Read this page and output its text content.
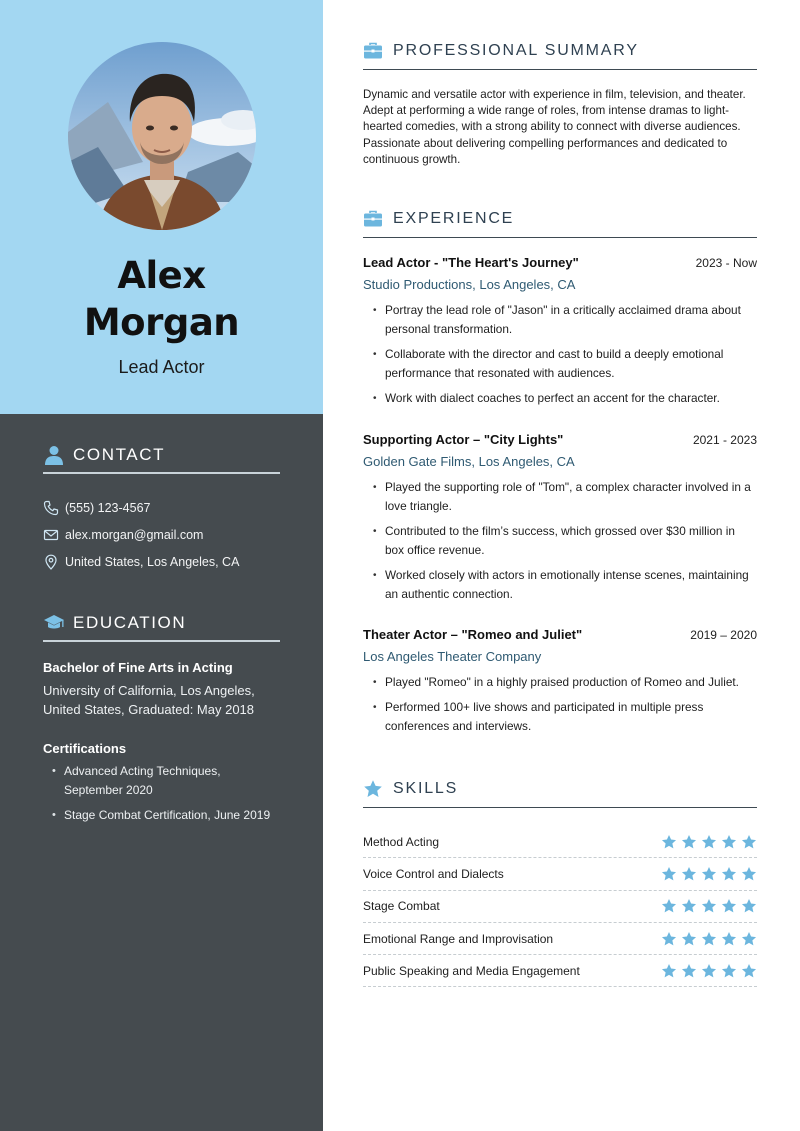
Alex
Morgan
Lead Actor
CONTACT
(555) 123-4567
alex.morgan@gmail.com
United States, Los Angeles, CA
EDUCATION
Bachelor of Fine Arts in Acting
University of California, Los Angeles,
United States, Graduated: May 2018
Certifications
• Advanced Acting Techniques, September 2020
• Stage Combat Certification, June 2019
PROFESSIONAL SUMMARY

Dynamic and versatile actor with experience in film, television, and theater. Adept at performing a wide range of roles, from intense dramas to light-hearted comedies, with a strong ability to connect with diverse audiences. Passionate about delivering compelling performances and dedicated to continuous growth.

EXPERIENCE
Lead Actor - "The Heart's Journey"	2023 - Now
Studio Productions, Los Angeles, CA
• Portray the lead role of "Jason" in a critically acclaimed drama about personal transformation.
• Collaborate with the director and cast to build a deeply emotional performance that resonated with audiences.
• Work with dialect coaches to perfect an accent for the character.
Supporting Actor – "City Lights"	2021 - 2023
Golden Gate Films, Los Angeles, CA
• Played the supporting role of "Tom", a complex character involved in a love triangle.
• Contributed to the film’s success, which grossed over $30 million in box office revenue.
• Worked closely with actors in emotionally intense scenes, maintaining an authentic connection.
Theater Actor – "Romeo and Juliet"	2019 – 2020
Los Angeles Theater Company
• Played "Romeo" in a highly praised production of Romeo and Juliet.
• Performed 100+ live shows and participated in multiple press conferences and interviews.
SKILLS
Method Acting
Voice Control and Dialects
Stage Combat
Emotional Range and Improvisation
Public Speaking and Media Engagement
